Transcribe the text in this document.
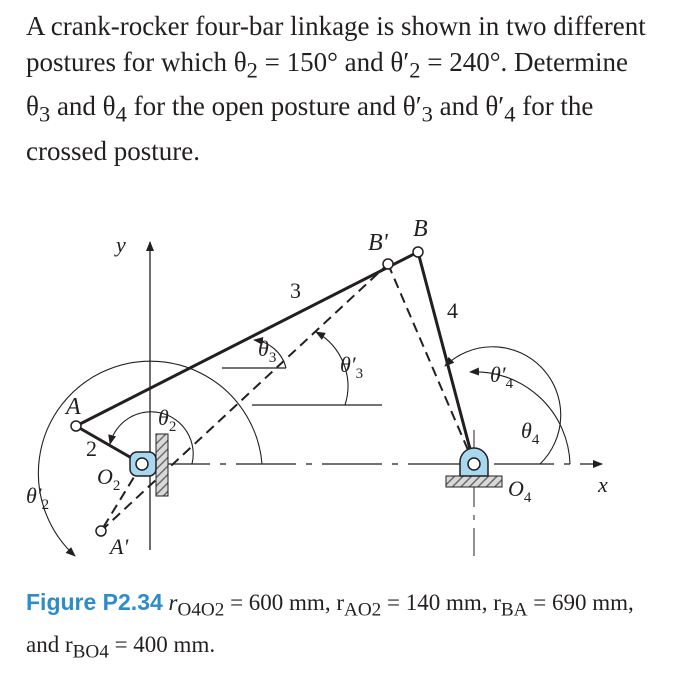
A crank-rocker four-bar linkage is shown in two different postures for which $\theta_2 = 150^\circ$ and $\theta'_2 = 240^\circ$. Determine $\theta_3$ and $\theta_4$ for the open posture and $\theta'_3$ and $\theta'_4$ for the crossed posture.

y
x
A
A'
B
B'
$O_2$	$O_4$
2
3
4
$\theta_2$
$\theta'_2$
$\theta_3$	$\theta'_3$
$\theta_4$
$\theta'_4$

Figure P2.34 $r_{O4O2} = 600$ mm, $r_{AO2} = 140$ mm, $r_{BA} = 690$ mm, and $r_{BO4} = 400$ mm.
